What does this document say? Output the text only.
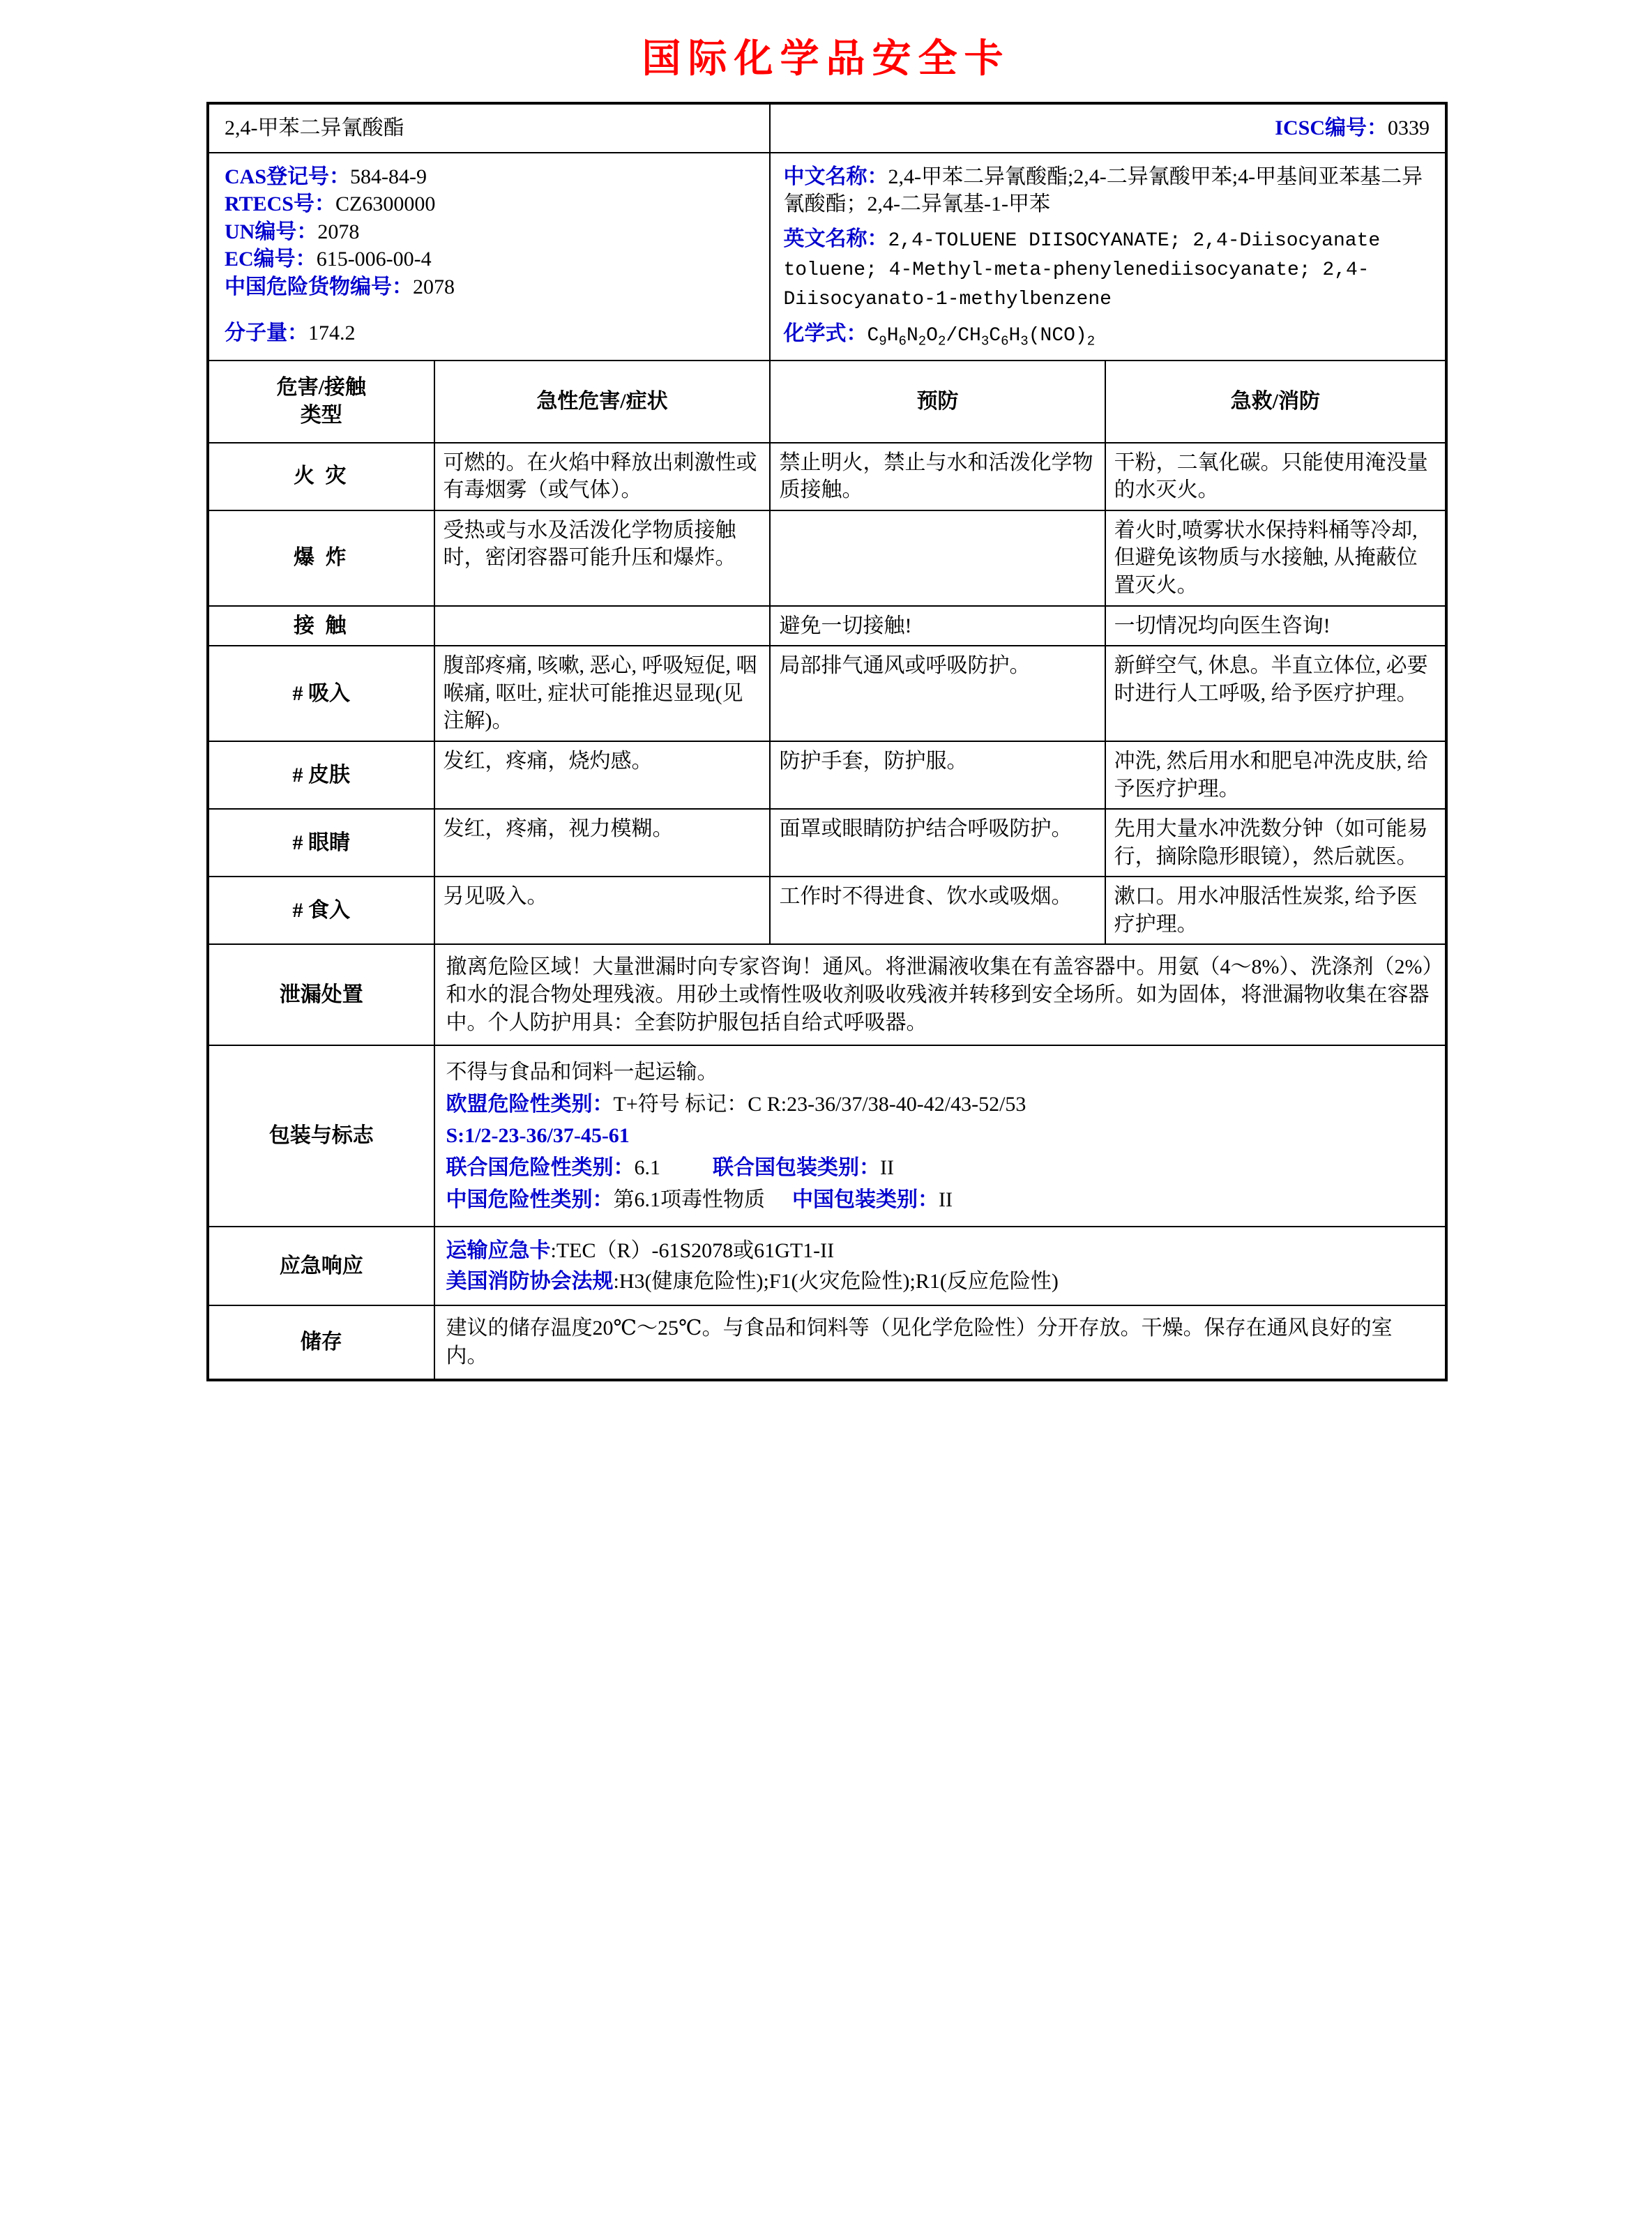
国际化学品安全卡
2,4-甲苯二异氰酸酯		ICSC编号：0339	

CAS登记号：584-84-9
RTECS号：CZ6300000
UN编号：2078
EC编号：615-006-00-4
中国危险货物编号：2078
分子量：174.2

中文名称：2,4-甲苯二异氰酸酯;2,4-二异氰酸甲苯;4-甲基间亚苯基二异氰酸酯；2,4-二异氰基-1-甲苯
英文名称：2,4-TOLUENE DIISOCYANATE; 2,4-Diisocyanate toluene; 4-Methyl-meta-phenylenediisocyanate; 2,4-Diisocyanato-1-methylbenzene
化学式：$C_9H_6N_2O_2/CH_3C_6H_3(NCO)_2$

危害/接触
类型	急性危害/症状	预防	急救/消防
火 灾	可燃的。在火焰中释放出刺激性或有毒烟雾（或气体）。	禁止明火，禁止与水和活泼化学物质接触。	干粉，二氧化碳。只能使用淹没量的水灭火。
爆 炸	受热或与水及活泼化学物质接触时，密闭容器可能升压和爆炸。		着火时,喷雾状水保持料桶等冷却, 但避免该物质与水接触, 从掩蔽位置灭火。
接 触		避免一切接触!	一切情况均向医生咨询!
# 吸入	腹部疼痛, 咳嗽, 恶心, 呼吸短促, 咽喉痛, 呕吐, 症状可能推迟显现(见注解)。	局部排气通风或呼吸防护。	新鲜空气, 休息。半直立体位, 必要时进行人工呼吸, 给予医疗护理。
# 皮肤	发红，疼痛，烧灼感。	防护手套，防护服。	冲洗, 然后用水和肥皂冲洗皮肤, 给予医疗护理。
# 眼睛	发红，疼痛，视力模糊。	面罩或眼睛防护结合呼吸防护。	先用大量水冲洗数分钟（如可能易行，摘除隐形眼镜），然后就医。
# 食入	另见吸入。	工作时不得进食、饮水或吸烟。	漱口。用水冲服活性炭浆, 给予医疗护理。
泄漏处置	撤离危险区域！大量泄漏时向专家咨询！通风。将泄漏液收集在有盖容器中。用氨（4～8%）、洗涤剂（2%）和水的混合物处理残液。用砂土或惰性吸收剂吸收残液并转移到安全场所。如为固体，将泄漏物收集在容器中。个人防护用具：全套防护服包括自给式呼吸器。		
包装与标志	不得与食品和饲料一起运输。
欧盟危险性类别：T+符号 标记：C R:23-36/37/38-40-42/43-52/53
S:1/2-23-36/37-45-61
联合国危险性类别：6.1 联合国包装类别：II
中国危险性类别：第6.1项毒性物质 中国包装类别：II		

应急响应	运输应急卡:TEC（R）-61S2078或61GT1-II
美国消防协会法规:H3(健康危险性);F1(火灾危险性);R1(反应危险性)		

储存	建议的储存温度20℃～25℃。与食品和饲料等（见化学危险性）分开存放。干燥。保存在通风良好的室内。		
